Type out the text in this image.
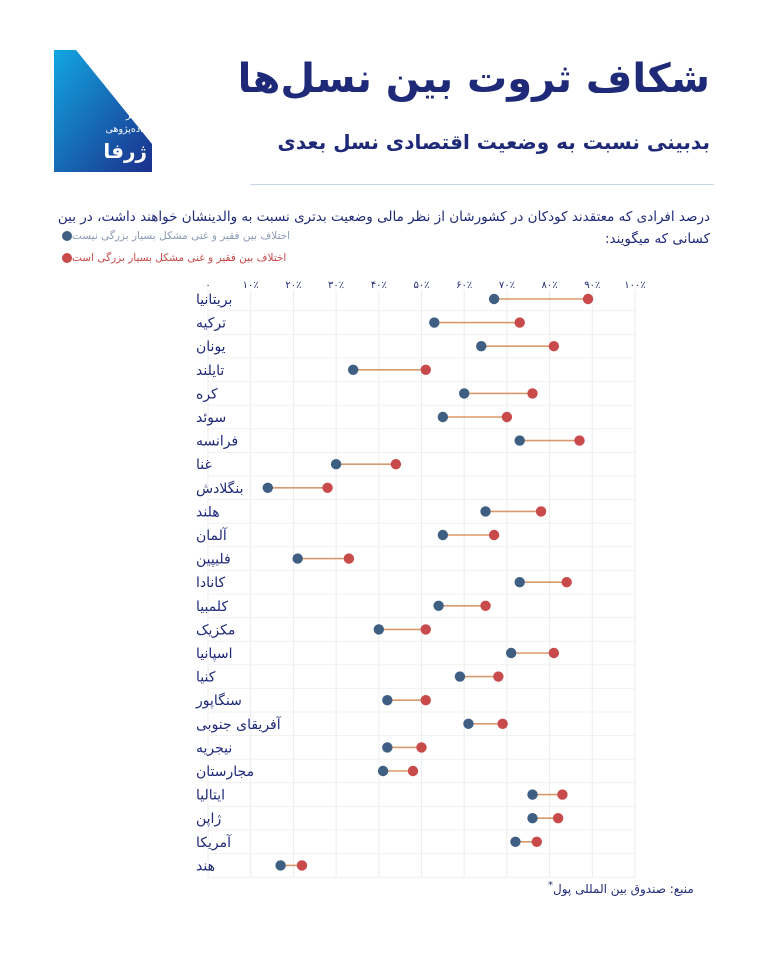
مرکز
داده‌پژوهی
ژرفا
شکاف ثروت بین نسل‌ها
بدبینی نسبت به وضعیت اقتصادی نسل بعدی
درصد افرادی که معتقدند کودکان در کشورشان از نظر مالی وضعیت بدتری نسبت به والدینشان خواهند داشت، در بین کسانی که میگویند:
اختلاف بین فقیر و غنی مشکل بسیار بزرگی نیست
اختلاف بین فقیر و غنی مشکل بسیار بزرگی است
۰	۱۰٪	۲۰٪	۳۰٪	۴۰٪	۵۰٪	۶۰٪	۷۰٪	۸۰٪	۹۰٪ ۱۰۰٪
بریتانیا
ترکیه
یونان
تایلند
کره
سوئد
فرانسه
غنا
بنگلادش
هلند
آلمان
فلیپین
کانادا
کلمبیا
مکزیک
اسپانیا
کنیا
سنگاپور
آفریقای جنوبی
نیجریه
مجارستان
ایتالیا
ژاپن
آمریکا
هند
منبع: صندوق بین المللی پول*
